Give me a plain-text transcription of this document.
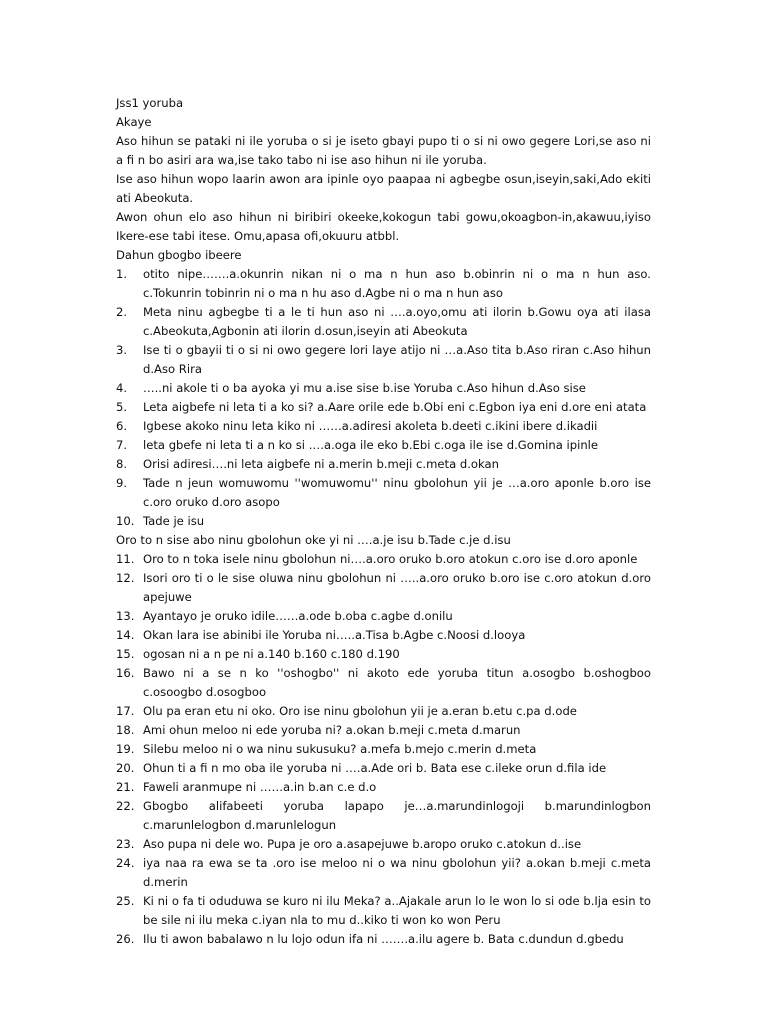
Jss1 yoruba

Akaye

Aso hihun se pataki ni ile yoruba o si je iseto gbayi pupo ti o si ni owo gegere Lori,se aso ni a fi n bo asiri ara wa,ise tako tabo ni ise aso hihun ni ile yoruba.

Ise aso hihun wopo laarin awon ara ipinle oyo paapaa ni agbegbe osun,iseyin,saki,Ado ekiti ati Abeokuta.

Awon ohun elo aso hihun ni biribiri okeeke,kokogun tabi gowu,okoagbon-in,akawuu,iyiso Ikere-ese tabi itese. Omu,apasa ofi,okuuru atbbl.

Dahun gbogbo ibeere

1.	otito nipe…….a.okunrin nikan ni o ma n hun aso b.obinrin ni o ma n hun aso. c.Tokunrin tobinrin ni o ma n hu aso d.Agbe ni o ma n hun aso
2.	Meta ninu agbegbe ti a le ti hun aso ni ….a.oyo,omu ati ilorin b.Gowu oya ati ilasa c.Abeokuta,Agbonin ati ilorin d.osun,iseyin ati Abeokuta
3.	Ise ti o gbayii ti o si ni owo gegere lori laye atijo ni …a.Aso tita b.Aso riran c.Aso hihun d.Aso Rira
4.	…..ni akole ti o ba ayoka yi mu a.ise sise b.ise Yoruba c.Aso hihun d.Aso sise
5.	Leta aigbefe ni leta ti a ko si? a.Aare orile ede b.Obi eni c.Egbon iya eni d.ore eni atata
6.	Igbese akoko ninu leta kiko ni ……a.adiresi akoleta b.deeti c.ikini ibere d.ikadii
7.	leta gbefe ni leta ti a n ko si ….a.oga ile eko b.Ebi c.oga ile ise d.Gomina ipinle
8.	Orisi adiresi….ni leta aigbefe ni a.merin b.meji c.meta d.okan
9.	Tade n jeun womuwomu ''womuwomu'' ninu gbolohun yii je …a.oro aponle b.oro ise c.oro oruko d.oro asopo
10. Tade je isu

Oro to n sise abo ninu gbolohun oke yi ni ….a.je isu b.Tade c.je d.isu

11. Oro to n toka isele ninu gbolohun ni….a.oro oruko b.oro atokun c.oro ise d.oro aponle
12. Isori oro ti o le sise oluwa ninu gbolohun ni …..a.oro oruko b.oro ise c.oro atokun d.oro apejuwe
13. Ayantayo je oruko idile……a.ode b.oba c.agbe d.onilu
14. Okan lara ise abinibi ile Yoruba ni…..a.Tisa b.Agbe c.Noosi d.looya
15. ogosan ni a n pe ni a.140 b.160 c.180 d.190
16. Bawo ni a se n ko ''oshogbo'' ni akoto ede yoruba titun a.osogbo b.oshogboo c.osoogbo d.osogboo
17. Olu pa eran etu ni oko. Oro ise ninu gbolohun yii je a.eran b.etu c.pa d.ode
18. Ami ohun meloo ni ede yoruba ni? a.okan b.meji c.meta d.marun
19. Silebu meloo ni o wa ninu sukusuku? a.mefa b.mejo c.merin d.meta
20. Ohun ti a fi n mo oba ile yoruba ni ….a.Ade ori b. Bata ese c.ileke orun d.fila ide
21. Faweli aranmupe ni ……a.in b.an c.e d.o
22. Gbogbo alifabeeti yoruba lapapo je…a.marundinlogoji b.marundinlogbon c.marunlelogbon d.marunlelogun
23. Aso pupa ni dele wo. Pupa je oro a.asapejuwe b.aropo oruko c.atokun d..ise
24. iya naa ra ewa se ta .oro ise meloo ni o wa ninu gbolohun yii? a.okan b.meji c.meta d.merin
25. Ki ni o fa ti oduduwa se kuro ni ilu Meka? a..Ajakale arun lo le won lo si ode b.Ija esin to be sile ni ilu meka c.iyan nla to mu d..kiko ti won ko won Peru
26. Ilu ti awon babalawo n lu lojo odun ifa ni …….a.ilu agere b. Bata c.dundun d.gbedu
